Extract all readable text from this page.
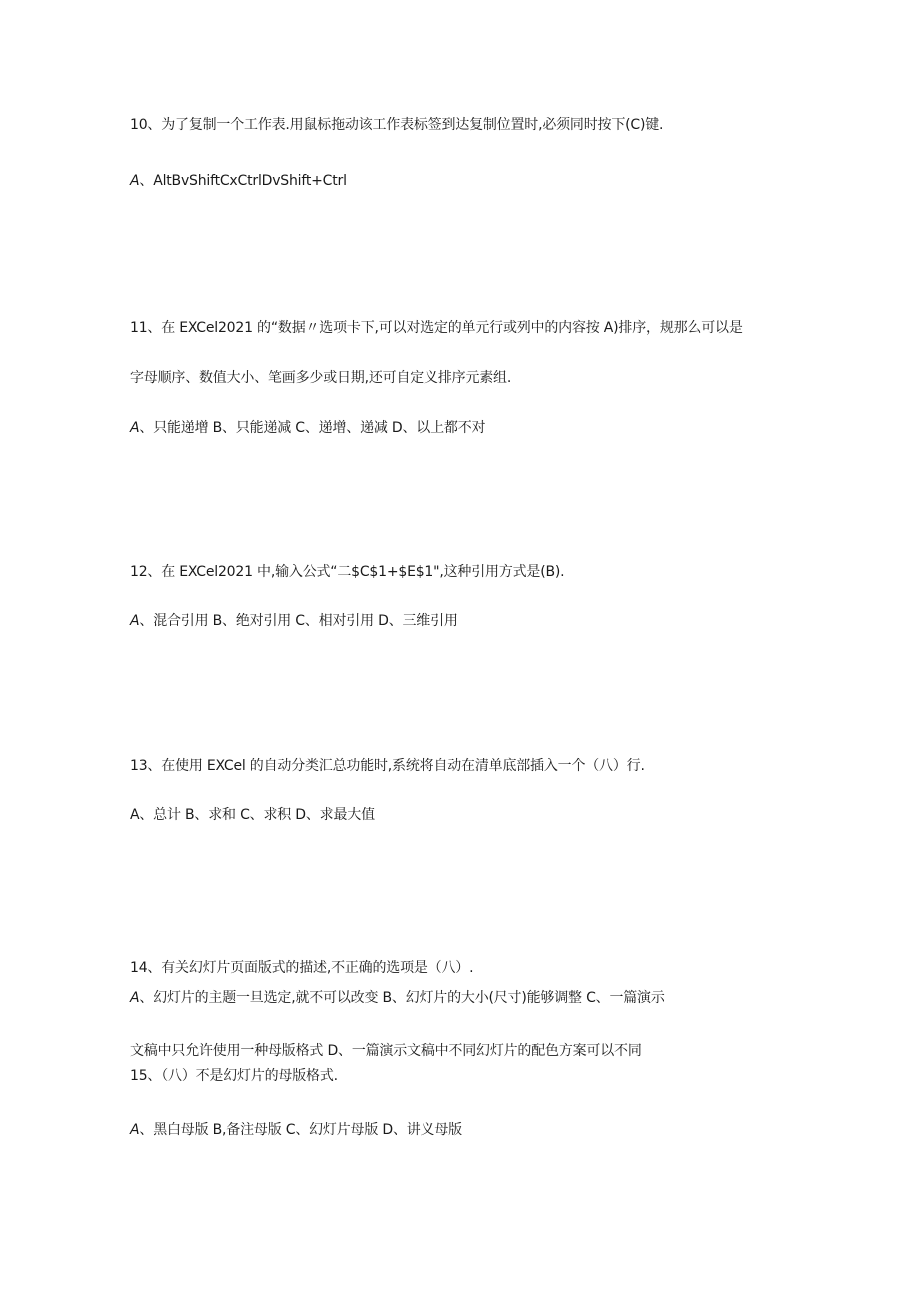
10、为了复制一个工作表.用鼠标拖动该工作表标签到达复制位置时,必须同时按下(C)键.
A、AltBvShiftCxCtrlDvShift+Ctrl
11、在 EXCel2021 的“数据〃选项卡下,可以对选定的单元行或列中的内容按 A)排序，规那么可以是
字母顺序、数值大小、笔画多少或日期,还可自定义排序元素组.
A、只能递增 B、只能递减 C、递增、递减 D、以上都不对
12、在 EXCel2021 中,输入公式“二$C$1+$E$1",这种引用方式是(B).
A、混合引用 B、绝对引用 C、相对引用 D、三维引用
13、在使用 EXCel 的自动分类汇总功能时,系统将自动在清单底部插入一个（八）行.
A、总计 B、求和 C、求积 D、求最大值
14、有关幻灯片页面版式的描述,不正确的选项是（八）.
A、幻灯片的主题一旦选定,就不可以改变 B、幻灯片的大小(尺寸)能够调整 C、一篇演示
文稿中只允许使用一种母版格式 D、一篇演示文稿中不同幻灯片的配色方案可以不同
15、（八）不是幻灯片的母版格式.
A、黑白母版 B,备注母版 C、幻灯片母版 D、讲义母版
